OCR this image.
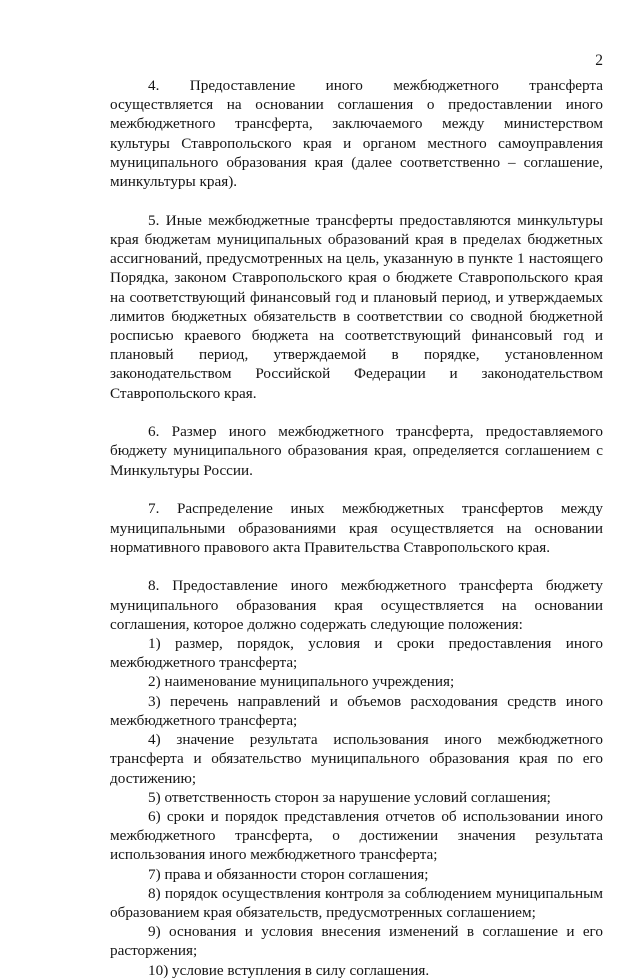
2

4. Предоставление иного межбюджетного трансферта осуществляется на основании соглашения о предоставлении иного межбюджетного трансферта, заключаемого между министерством культуры Ставропольского края и органом местного самоуправления муниципального образования края (далее соответственно – соглашение, минкультуры края).

5. Иные межбюджетные трансферты предоставляются минкультуры края бюджетам муниципальных образований края в пределах бюджетных ассигнований, предусмотренных на цель, указанную в пункте 1 настоящего Порядка, законом Ставропольского края о бюджете Ставропольского края на соответствующий финансовый год и плановый период, и утверждаемых лимитов бюджетных обязательств в соответствии со сводной бюджетной росписью краевого бюджета на соответствующий финансовый год и плановый период, утверждаемой в порядке, установленном законодательством Российской Федерации и законодательством Ставропольского края.

6. Размер иного межбюджетного трансферта, предоставляемого бюджету муниципального образования края, определяется соглашением с Минкультуры России.

7. Распределение иных межбюджетных трансфертов между муниципальными образованиями края осуществляется на основании нормативного правового акта Правительства Ставропольского края.

8. Предоставление иного межбюджетного трансферта бюджету муниципального образования края осуществляется на основании соглашения, которое должно содержать следующие положения:

1) размер, порядок, условия и сроки предоставления иного межбюджетного трансферта;

2) наименование муниципального учреждения;

3) перечень направлений и объемов расходования средств иного межбюджетного трансферта;

4) значение результата использования иного межбюджетного трансферта и обязательство муниципального образования края по его достижению;

5) ответственность сторон за нарушение условий соглашения;

6) сроки и порядок представления отчетов об использовании иного межбюджетного трансферта, о достижении значения результата использования иного межбюджетного трансферта;

7) права и обязанности сторон соглашения;

8) порядок осуществления контроля за соблюдением муниципальным образованием края обязательств, предусмотренных соглашением;

9) основания и условия внесения изменений в соглашение и его расторжения;

10) условие вступления в силу соглашения.
